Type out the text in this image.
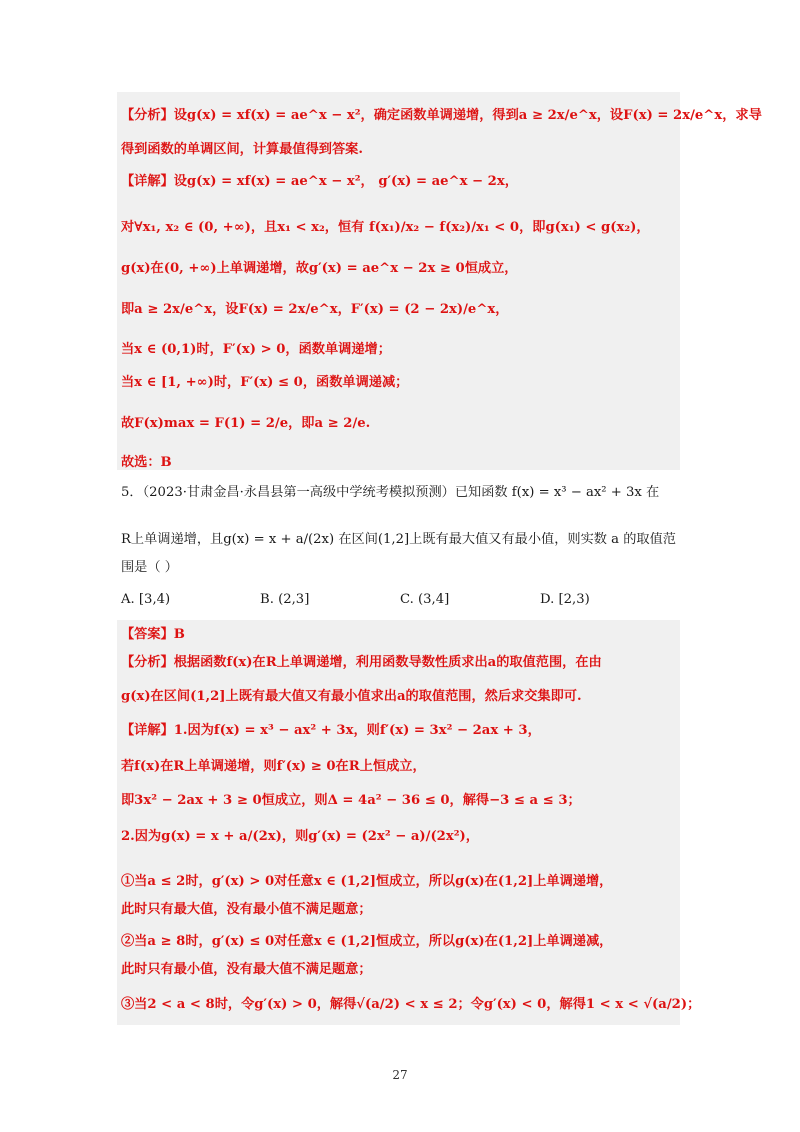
【分析】设g(x) = xf(x) = ae^x − x²，确定函数单调递增，得到a ≥ 2x/e^x，设F(x) = 2x/e^x，求导
得到函数的单调区间，计算最值得到答案.
【详解】设g(x) = xf(x) = ae^x − x²， g′(x) = ae^x − 2x，
对∀x₁, x₂ ∈ (0, +∞)，且x₁ < x₂，恒有 f(x₁)/x₂ − f(x₂)/x₁ < 0，即g(x₁) < g(x₂)，
g(x)在(0, +∞)上单调递增，故g′(x) = ae^x − 2x ≥ 0恒成立，
即a ≥ 2x/e^x，设F(x) = 2x/e^x，F′(x) = (2 − 2x)/e^x，
当x ∈ (0,1)时，F′(x) > 0，函数单调递增；
当x ∈ [1, +∞)时，F′(x) ≤ 0，函数单调递减；
故F(x)max = F(1) = 2/e，即a ≥ 2/e.
故选：B
5．（2023·甘肃金昌·永昌县第一高级中学统考模拟预测）已知函数 f(x) = x³ − ax² + 3x 在
R上单调递增，且g(x) = x + a/(2x) 在区间(1,2]上既有最大值又有最小值，则实数 a 的取值范
围是（ ）
A. [3,4)	B. (2,3]	C. (3,4]	D. [2,3)
【答案】B
【分析】根据函数f(x)在R上单调递增，利用函数导数性质求出a的取值范围，在由
g(x)在区间(1,2]上既有最大值又有最小值求出a的取值范围，然后求交集即可.
【详解】1.因为f(x) = x³ − ax² + 3x，则f′(x) = 3x² − 2ax + 3，
若f(x)在R上单调递增，则f′(x) ≥ 0在R上恒成立，
即3x² − 2ax + 3 ≥ 0恒成立，则Δ = 4a² − 36 ≤ 0，解得−3 ≤ a ≤ 3；
2.因为g(x) = x + a/(2x)，则g′(x) = (2x² − a)/(2x²)，
①当a ≤ 2时，g′(x) > 0对任意x ∈ (1,2]恒成立，所以g(x)在(1,2]上单调递增，
此时只有最大值，没有最小值不满足题意；
②当a ≥ 8时，g′(x) ≤ 0对任意x ∈ (1,2]恒成立，所以g(x)在(1,2]上单调递减，
此时只有最小值，没有最大值不满足题意；
③当2 < a < 8时，令g′(x) > 0，解得√(a/2) < x ≤ 2；令g′(x) < 0，解得1 < x < √(a/2)；
27
